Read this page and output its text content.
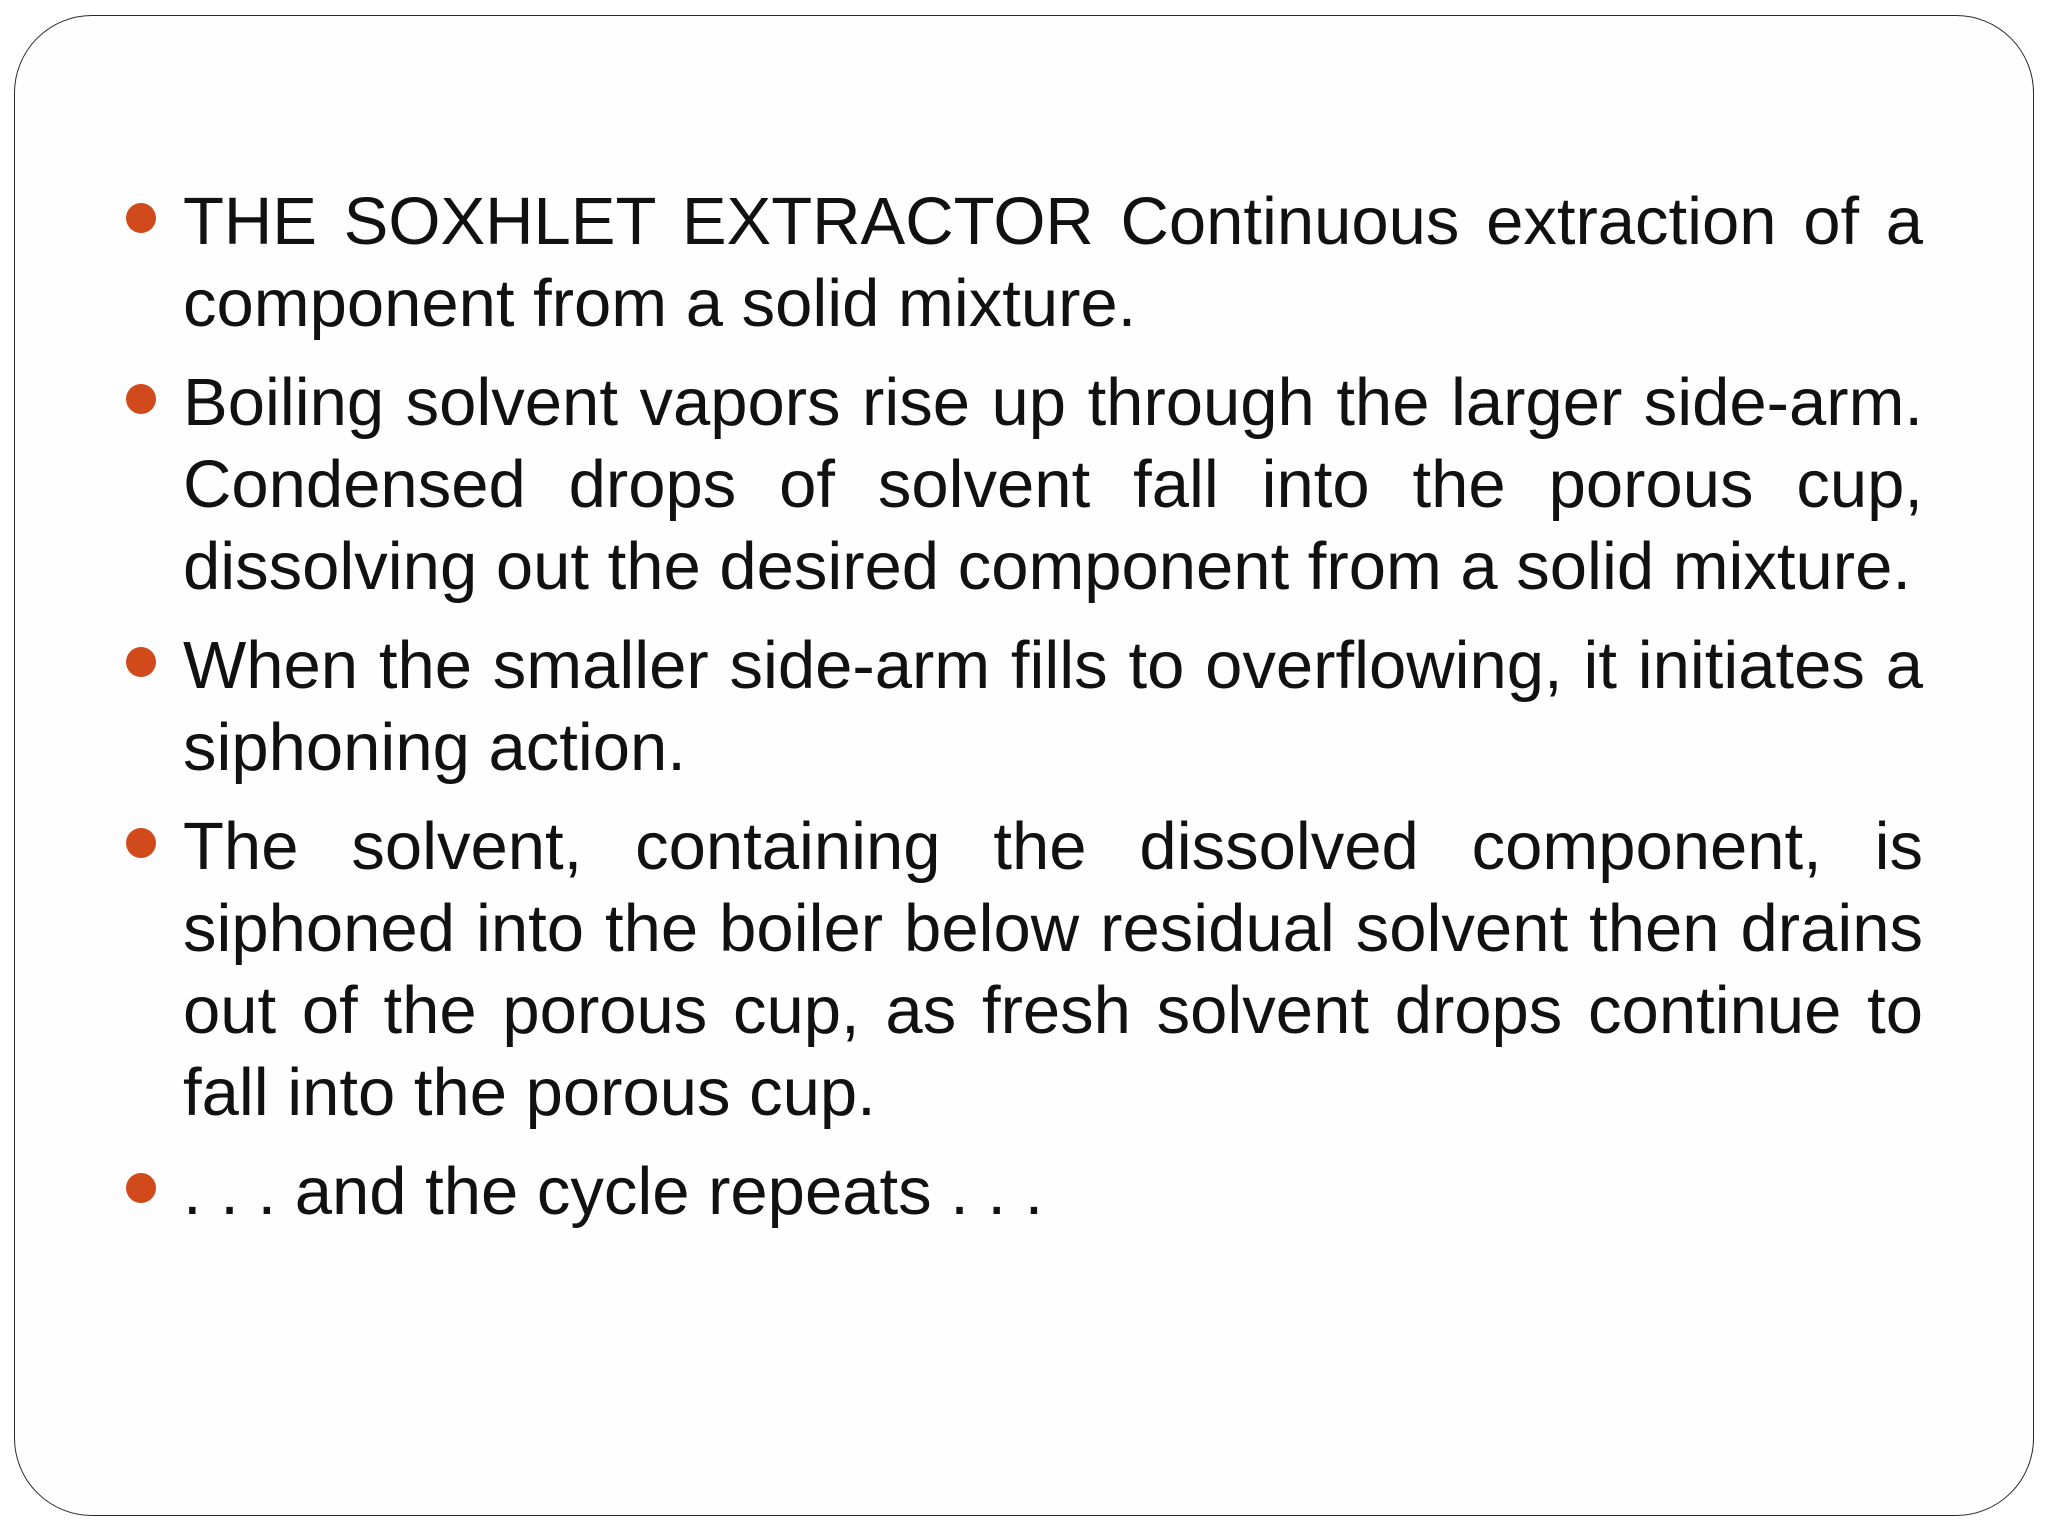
THE SOXHLET EXTRACTOR Continuous extraction of a component from a solid mixture.
Boiling solvent vapors rise up through the larger side-arm. Condensed drops of solvent fall into the porous cup, dissolving out the desired component from a solid mixture.
When the smaller side-arm fills to overflowing, it initiates a siphoning action.
The solvent, containing the dissolved component, is siphoned into the boiler below residual solvent then drains out of the porous cup, as fresh solvent drops continue to fall into the porous cup.
. . . and the cycle repeats . . .
